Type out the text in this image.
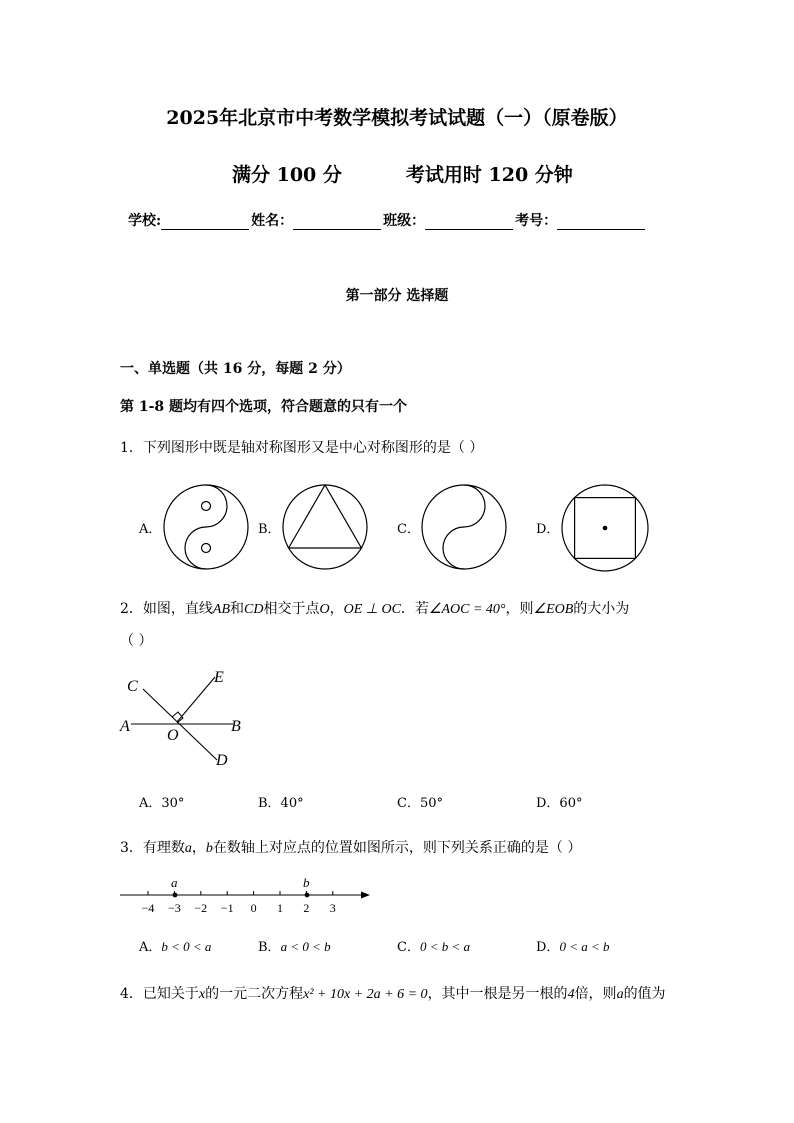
2025年北京市中考数学模拟考试试题（一）（原卷版）
满分 100 分	考试用时 120 分钟
学校:	姓名：	班级：	考号：
第一部分 选择题
一、单选题（共 16 分，每题 2 分）
第 1-8 题均有四个选项，符合题意的只有一个
1．下列图形中既是轴对称图形又是中心对称图形的是（ ）
A．	B．	C．	D．
2．如图，直线AB和CD相交于点O，OE ⊥ OC．若∠AOC = 40°，则∠EOB的大小为
（ ）
C
E
A
O
B
D
A．30°	B．40°	C．50°	D．60°
3．有理数a，b在数轴上对应点的位置如图所示，则下列关系正确的是（ ）
−4 −3 −2 −1 0 1 2 3
a	b
A．b < 0 < a	B．a < 0 < b	C．0 < b < a	D．0 < a < b
4．已知关于x的一元二次方程x² + 10x + 2a + 6 = 0，其中一根是另一根的4倍，则a的值为
